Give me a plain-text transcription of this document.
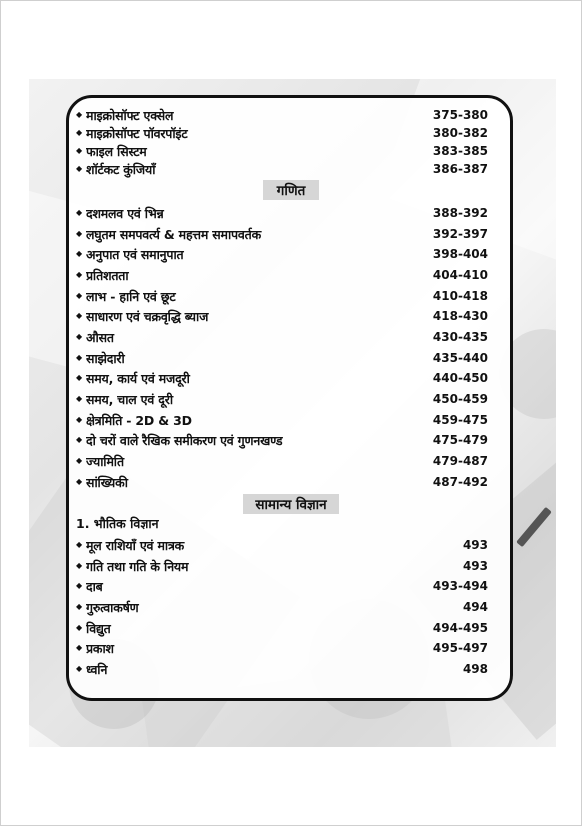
◆ माइक्रोसॉफ्ट एक्सेल	375-380
◆ माइक्रोसॉफ्ट पॉवरपॉइंट	380-382
◆ फाइल सिस्टम	383-385
◆ शॉर्टकट कुंजियाँ	386-387
गणित
◆ दशमलव एवं भिन्न	388-392
◆ लघुतम समपवर्त्य & महत्तम समापवर्तक	392-397
◆ अनुपात एवं समानुपात	398-404
◆ प्रतिशतता	404-410
◆ लाभ - हानि एवं छूट	410-418
◆ साधारण एवं चक्रवृद्धि ब्याज	418-430
◆ औसत	430-435
◆ साझेदारी	435-440
◆ समय, कार्य एवं मजदूरी	440-450
◆ समय, चाल एवं दूरी	450-459
◆ क्षेत्रमिति - 2D & 3D	459-475
◆ दो चरों वाले रैखिक समीकरण एवं गुणनखण्ड	475-479
◆ ज्यामिति	479-487
◆ सांख्यिकी	487-492
सामान्य विज्ञान
1. भौतिक विज्ञान
◆ मूल राशियाँ एवं मात्रक	493
◆ गति तथा गति के नियम	493
◆ दाब	493-494
◆ गुरुत्वाकर्षण	494
◆ विद्युत	494-495
◆ प्रकाश	495-497
◆ ध्वनि	498
